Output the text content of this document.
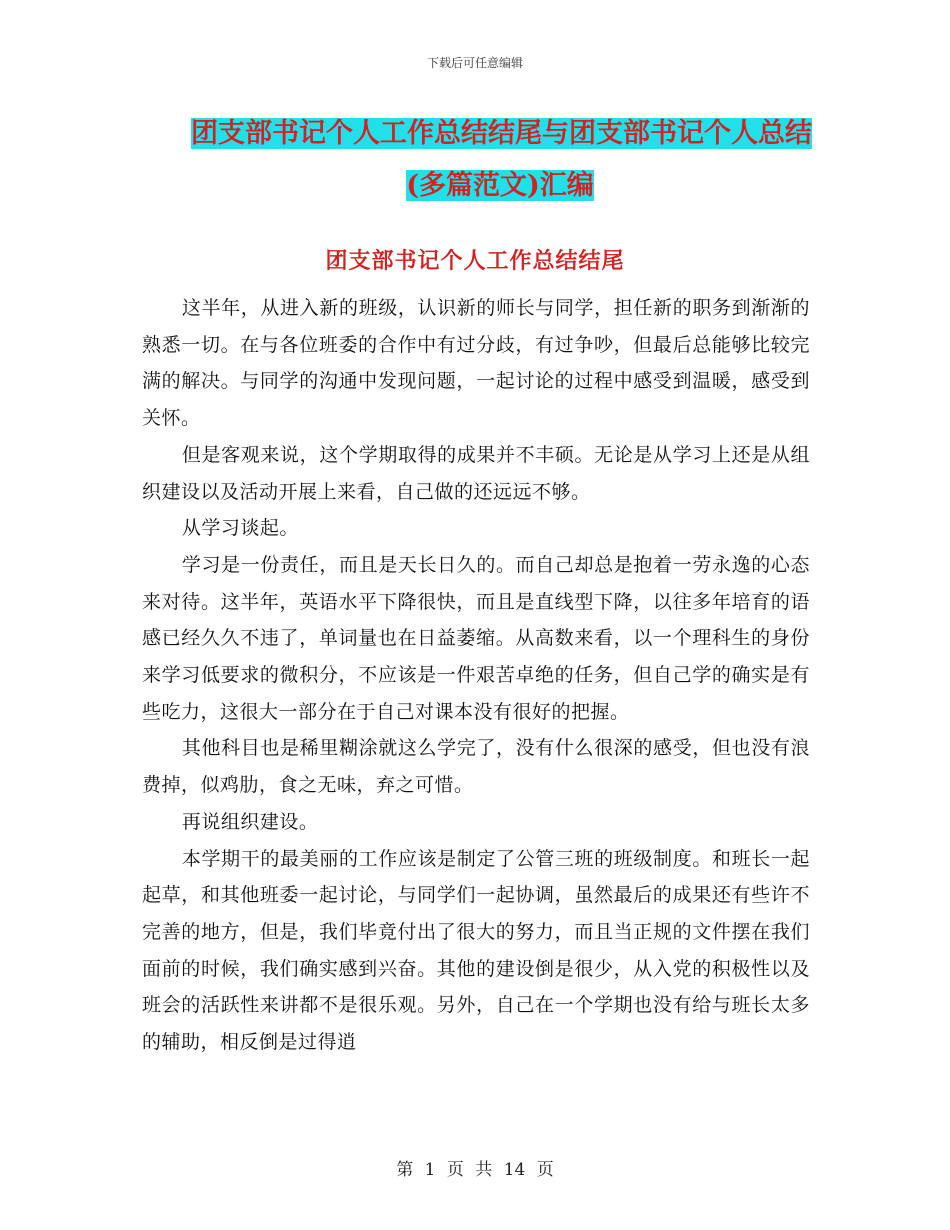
下载后可任意编辑
团支部书记个人工作总结结尾与团支部书记个人总结
(多篇范文)汇编
团支部书记个人工作总结结尾

这半年，从进入新的班级，认识新的师长与同学，担任新的职务到渐渐的熟悉一切。在与各位班委的合作中有过分歧，有过争吵，但最后总能够比较完满的解决。与同学的沟通中发现问题，一起讨论的过程中感受到温暖，感受到关怀。

但是客观来说，这个学期取得的成果并不丰硕。无论是从学习上还是从组织建设以及活动开展上来看，自己做的还远远不够。

从学习谈起。

学习是一份责任，而且是天长日久的。而自己却总是抱着一劳永逸的心态来对待。这半年，英语水平下降很快，而且是直线型下降，以往多年培育的语感已经久久不违了，单词量也在日益萎缩。从高数来看，以一个理科生的身份来学习低要求的微积分，不应该是一件艰苦卓绝的任务，但自己学的确实是有些吃力，这很大一部分在于自己对课本没有很好的把握。

其他科目也是稀里糊涂就这么学完了，没有什么很深的感受，但也没有浪费掉，似鸡肋，食之无味，弃之可惜。

再说组织建设。

本学期干的最美丽的工作应该是制定了公管三班的班级制度。和班长一起起草，和其他班委一起讨论，与同学们一起协调，虽然最后的成果还有些许不完善的地方，但是，我们毕竟付出了很大的努力，而且当正规的文件摆在我们面前的时候，我们确实感到兴奋。其他的建设倒是很少，从入党的积极性以及班会的活跃性来讲都不是很乐观。另外，自己在一个学期也没有给与班长太多的辅助，相反倒是过得逍

第 1 页 共 14 页
